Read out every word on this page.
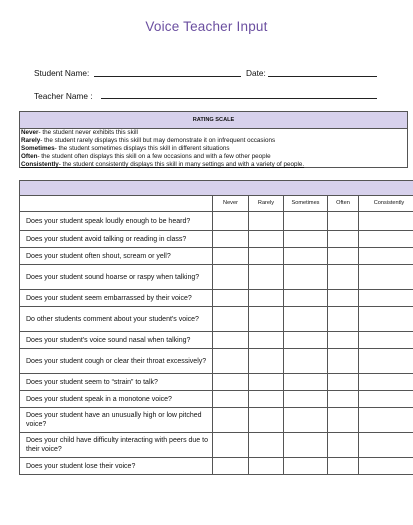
Voice Teacher Input
Student Name:	Date:
Teacher Name :
RATING SCALE
Never- the student never exhibits this skill
Rarely- the student rarely displays this skill but may demonstrate it on infrequent occasions
Sometimes- the student sometimes displays this skill in different situations
Often- the student often displays this skill on a few occasions and with a few other people
Consistently- the student consistently displays this skill in many settings and with a variety of people.
	Never	Rarely	Sometimes	Often	Consistently
Does your student speak loudly enough to be heard?					
Does your student avoid talking or reading in class?					
Does your student often shout, scream or yell?					
Does your student sound hoarse or raspy when talking?					
Does your student seem embarrassed by their voice?					
Do other students comment about your student's voice?					
Does your student's voice sound nasal when talking?					
Does your student cough or clear their throat excessively?					
Does your student seem to “strain” to talk?					
Does your student speak in a monotone voice?					
Does your student have an unusually high or low pitched voice?					
Does your child have difficulty interacting with peers due to their voice?					
Does your student lose their voice?					
